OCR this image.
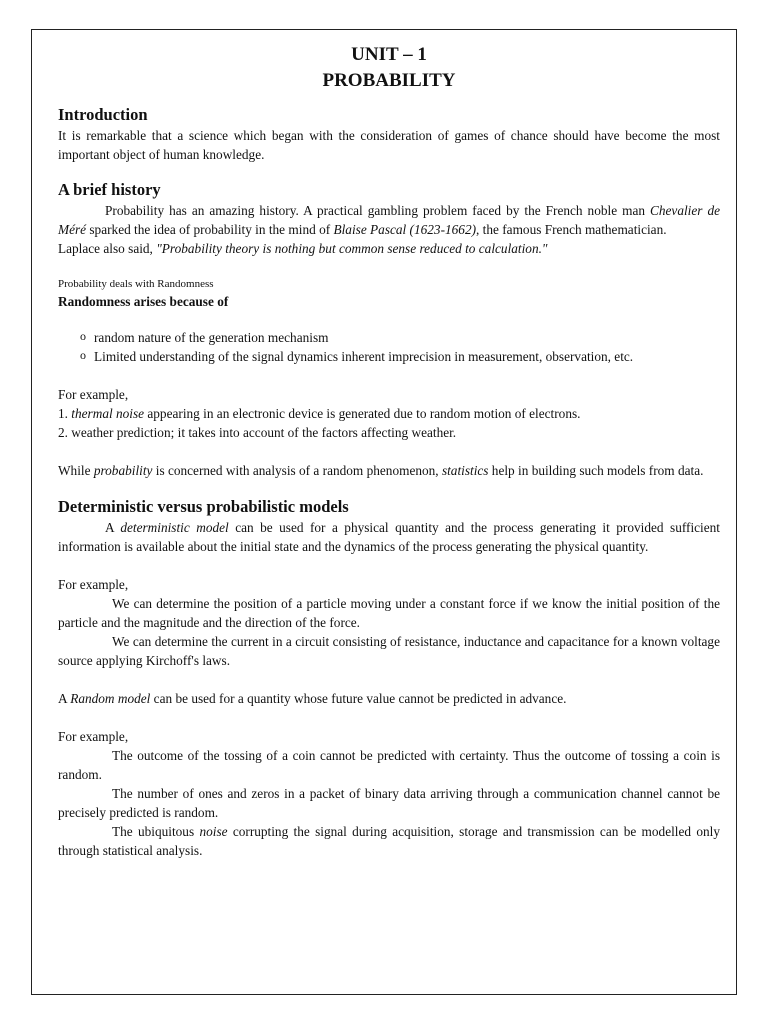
UNIT – 1
PROBABILITY
Introduction

It is remarkable that a science which began with the consideration of games of chance should have become the most important object of human knowledge.

A brief history

Probability has an amazing history. A practical gambling problem faced by the French noble man Chevalier de Méré sparked the idea of probability in the mind of Blaise Pascal (1623-1662), the famous French mathematician.

Laplace also said, "Probability theory is nothing but common sense reduced to calculation."

Probability deals with Randomness
Randomness arises because of
o random nature of the generation mechanism
o Limited understanding of the signal dynamics inherent imprecision in measurement, observation, etc.

For example,

1. thermal noise appearing in an electronic device is generated due to random motion of electrons.

2. weather prediction; it takes into account of the factors affecting weather.

While probability is concerned with analysis of a random phenomenon, statistics help in building such models from data.

Deterministic versus probabilistic models

A deterministic model can be used for a physical quantity and the process generating it provided sufficient information is available about the initial state and the dynamics of the process generating the physical quantity.

For example,

We can determine the position of a particle moving under a constant force if we know the initial position of the particle and the magnitude and the direction of the force.

We can determine the current in a circuit consisting of resistance, inductance and capacitance for a known voltage source applying Kirchoff's laws.

A Random model can be used for a quantity whose future value cannot be predicted in advance.

For example,

The outcome of the tossing of a coin cannot be predicted with certainty. Thus the outcome of tossing a coin is random.

The number of ones and zeros in a packet of binary data arriving through a communication channel cannot be precisely predicted is random.

The ubiquitous noise corrupting the signal during acquisition, storage and transmission can be modelled only through statistical analysis.
